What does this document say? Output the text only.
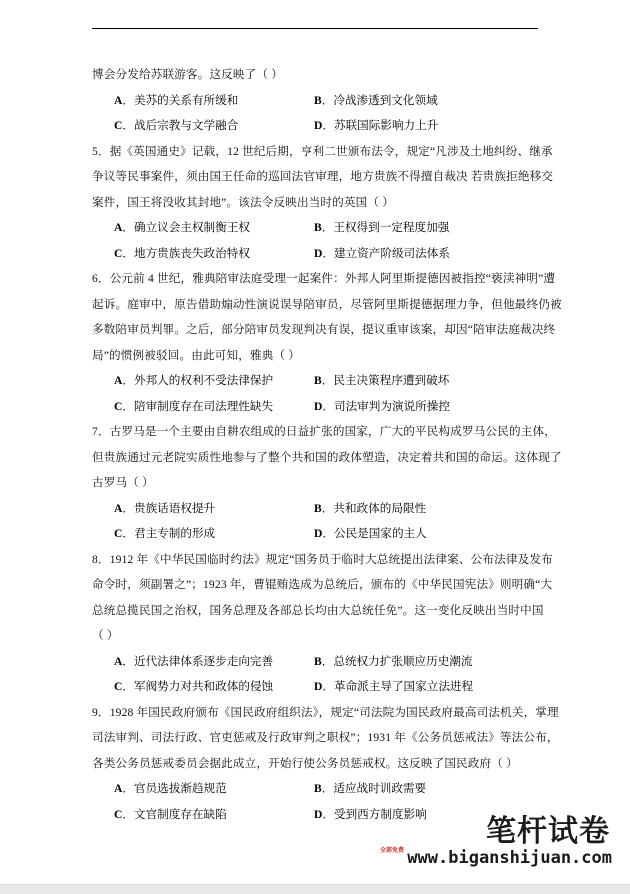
博会分发给苏联游客。这反映了（ ）
A．美苏的关系有所缓和	B．冷战渗透到文化领域
C．战后宗教与文学融合	D．苏联国际影响力上升
5．据《英国通史》记载，12 世纪后期，亨利二世颁布法令，规定“凡涉及土地纠纷、继承
争议等民事案件，须由国王任命的巡回法官审理，地方贵族不得擅自裁决 若贵族拒绝移交
案件，国王将没收其封地”。该法令反映出当时的英国（ ）
A．确立议会主权制衡王权	B．王权得到一定程度加强
C．地方贵族丧失政治特权	D．建立资产阶级司法体系
6．公元前 4 世纪，雅典陪审法庭受理一起案件：外邦人阿里斯提德因被指控“亵渎神明”遭
起诉。庭审中，原告借助煽动性演说误导陪审员，尽管阿里斯提德据理力争，但他最终仍被
多数陪审员判罪。之后，部分陪审员发现判决有误，提议重审该案，却因“陪审法庭裁决终
局”的惯例被驳回。由此可知，雅典（ ）
A．外邦人的权利不受法律保护	B．民主决策程序遭到破坏
C．陪审制度存在司法理性缺失	D．司法审判为演说所操控
7．古罗马是一个主要由自耕农组成的日益扩张的国家，广大的平民构成罗马公民的主体，
但贵族通过元老院实质性地参与了整个共和国的政体塑造，决定着共和国的命运。这体现了
古罗马（ ）
A．贵族话语权提升	B．共和政体的局限性
C．君主专制的形成	D．公民是国家的主人
8．1912 年《中华民国临时约法》规定“国务员于临时大总统提出法律案、公布法律及发布
命令时，须副署之”；1923 年，曹锟贿选成为总统后，颁布的《中华民国宪法》则明确“大
总统总揽民国之治权，国务总理及各部总长均由大总统任免”。这一变化反映出当时中国
（ ）
A．近代法律体系逐步走向完善	B．总统权力扩张顺应历史潮流
C．军阀势力对共和政体的侵蚀	D．革命派主导了国家立法进程
9．1928 年国民政府颁布《国民政府组织法》，规定“司法院为国民政府最高司法机关，掌理
司法审判、司法行政、官吏惩戒及行政审判之职权”；1931 年《公务员惩戒法》等法公布，
各类公务员惩戒委员会据此成立，开始行使公务员惩戒权。这反映了国民政府（ ）
A．官员选拔渐趋规范	B．适应战时训政需要
C．文官制度存在缺陷	D．受到西方制度影响
全部免费
笔杆试卷
www.biganshijuan.com
